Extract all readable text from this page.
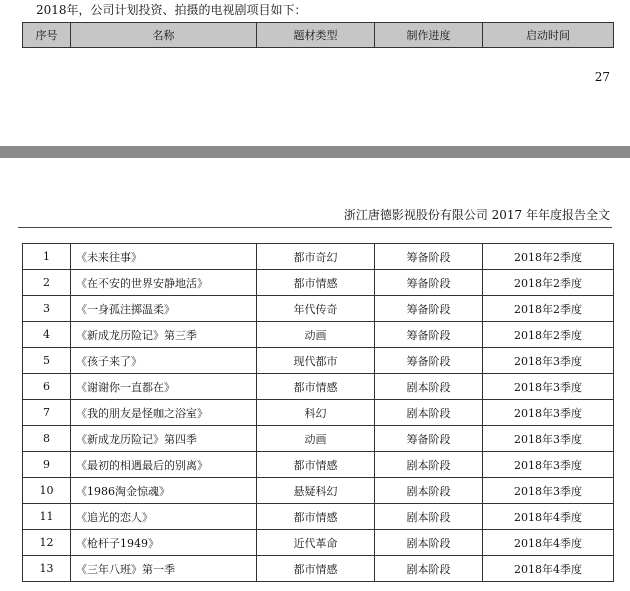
2018年，公司计划投资、拍摄的电视剧项目如下：
序号	名称	题材类型	制作进度	启动时间
27
浙江唐德影视股份有限公司 2017 年年度报告全文
1	《未来往事》	都市奇幻	筹备阶段	2018年2季度
2	《在不安的世界安静地活》	都市情感	筹备阶段	2018年2季度
3	《一身孤注掷温柔》	年代传奇	筹备阶段	2018年2季度
4	《新成龙历险记》第三季	动画	筹备阶段	2018年2季度
5	《孩子来了》	现代都市	筹备阶段	2018年3季度
6	《谢谢你一直都在》	都市情感	剧本阶段	2018年3季度
7	《我的朋友是怪咖之浴室》	科幻	剧本阶段	2018年3季度
8	《新成龙历险记》第四季	动画	筹备阶段	2018年3季度
9	《最初的相遇最后的别离》	都市情感	剧本阶段	2018年3季度
10	《1986淘金惊魂》	悬疑科幻	剧本阶段	2018年3季度
11	《追光的恋人》	都市情感	剧本阶段	2018年4季度
12	《枪杆子1949》	近代革命	剧本阶段	2018年4季度
13	《三年八班》第一季	都市情感	剧本阶段	2018年4季度
